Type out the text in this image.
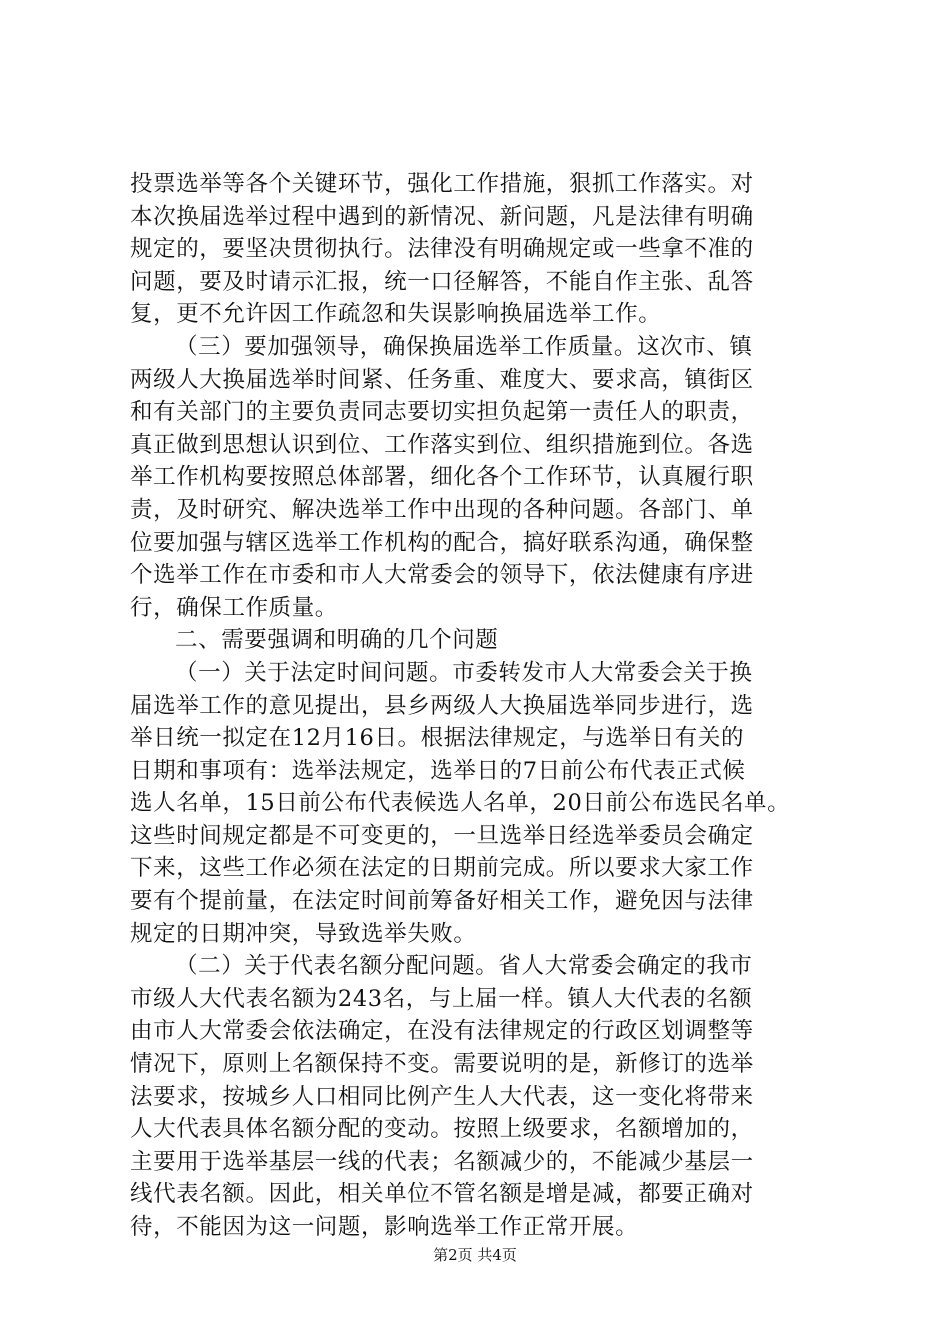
投票选举等各个关键环节，强化工作措施，狠抓工作落实。对
本次换届选举过程中遇到的新情况、新问题，凡是法律有明确
规定的，要坚决贯彻执行。法律没有明确规定或一些拿不准的
问题，要及时请示汇报，统一口径解答，不能自作主张、乱答
复，更不允许因工作疏忽和失误影响换届选举工作。
（三）要加强领导，确保换届选举工作质量。这次市、镇
两级人大换届选举时间紧、任务重、难度大、要求高，镇街区
和有关部门的主要负责同志要切实担负起第一责任人的职责，
真正做到思想认识到位、工作落实到位、组织措施到位。各选
举工作机构要按照总体部署，细化各个工作环节，认真履行职
责，及时研究、解决选举工作中出现的各种问题。各部门、单
位要加强与辖区选举工作机构的配合，搞好联系沟通，确保整
个选举工作在市委和市人大常委会的领导下，依法健康有序进
行，确保工作质量。
二、需要强调和明确的几个问题
（一）关于法定时间问题。市委转发市人大常委会关于换
届选举工作的意见提出，县乡两级人大换届选举同步进行，选
举日统一拟定在12月16日。根据法律规定，与选举日有关的
日期和事项有：选举法规定，选举日的7日前公布代表正式候
选人名单，15日前公布代表候选人名单，20日前公布选民名单。
这些时间规定都是不可变更的，一旦选举日经选举委员会确定
下来，这些工作必须在法定的日期前完成。所以要求大家工作
要有个提前量，在法定时间前筹备好相关工作，避免因与法律
规定的日期冲突，导致选举失败。
（二）关于代表名额分配问题。省人大常委会确定的我市
市级人大代表名额为243名，与上届一样。镇人大代表的名额
由市人大常委会依法确定，在没有法律规定的行政区划调整等
情况下，原则上名额保持不变。需要说明的是，新修订的选举
法要求，按城乡人口相同比例产生人大代表，这一变化将带来
人大代表具体名额分配的变动。按照上级要求，名额增加的，
主要用于选举基层一线的代表；名额减少的，不能减少基层一
线代表名额。因此，相关单位不管名额是增是减，都要正确对
待，不能因为这一问题，影响选举工作正常开展。
第2页 共4页
